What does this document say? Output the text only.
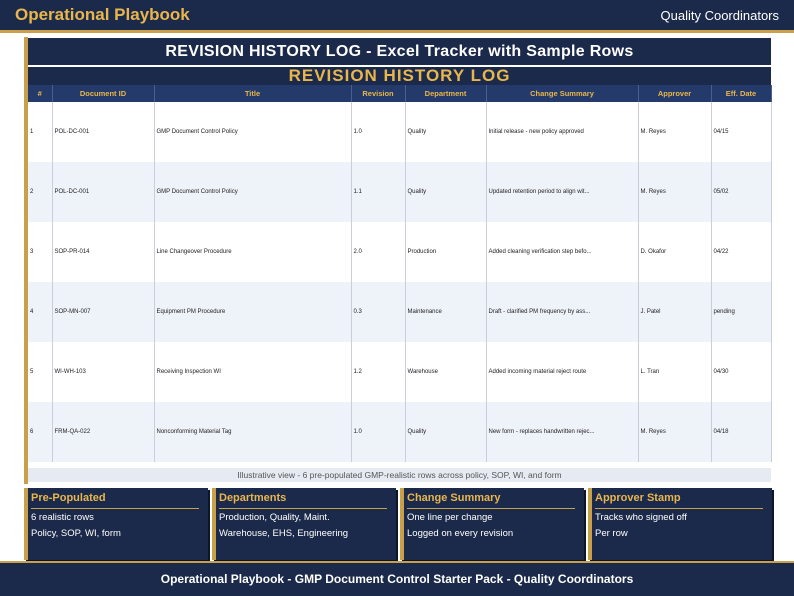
Operational Playbook	Quality Coordinators
REVISION HISTORY LOG - Excel Tracker with Sample Rows
REVISION HISTORY LOG
#	Document ID	Title	Revision	Department	Change Summary	Approver	Eff. Date
1	POL-DC-001	GMP Document Control Policy	1.0	Quality	Initial release - new policy approved	M. Reyes	04/15
2	POL-DC-001	GMP Document Control Policy	1.1	Quality	Updated retention period to align wit...	M. Reyes	05/02
3	SOP-PR-014	Line Changeover Procedure	2.0	Production	Added cleaning verification step befo...	D. Okafor	04/22
4	SOP-MN-007	Equipment PM Procedure	0.3	Maintenance	Draft - clarified PM frequency by ass...	J. Patel	pending
5	WI-WH-103	Receiving Inspection WI	1.2	Warehouse	Added incoming material reject route	L. Tran	04/30
6	FRM-QA-022	Nonconforming Material Tag	1.0	Quality	New form - replaces handwritten rejec...	M. Reyes	04/18
Illustrative view - 6 pre-populated GMP-realistic rows across policy, SOP, WI, and form
Pre-Populated
6 realistic rows
Policy, SOP, WI, form
Departments
Production, Quality, Maint.
Warehouse, EHS, Engineering
Change Summary
One line per change
Logged on every revision
Approver Stamp
Tracks who signed off
Per row
Operational Playbook - GMP Document Control Starter Pack - Quality Coordinators
